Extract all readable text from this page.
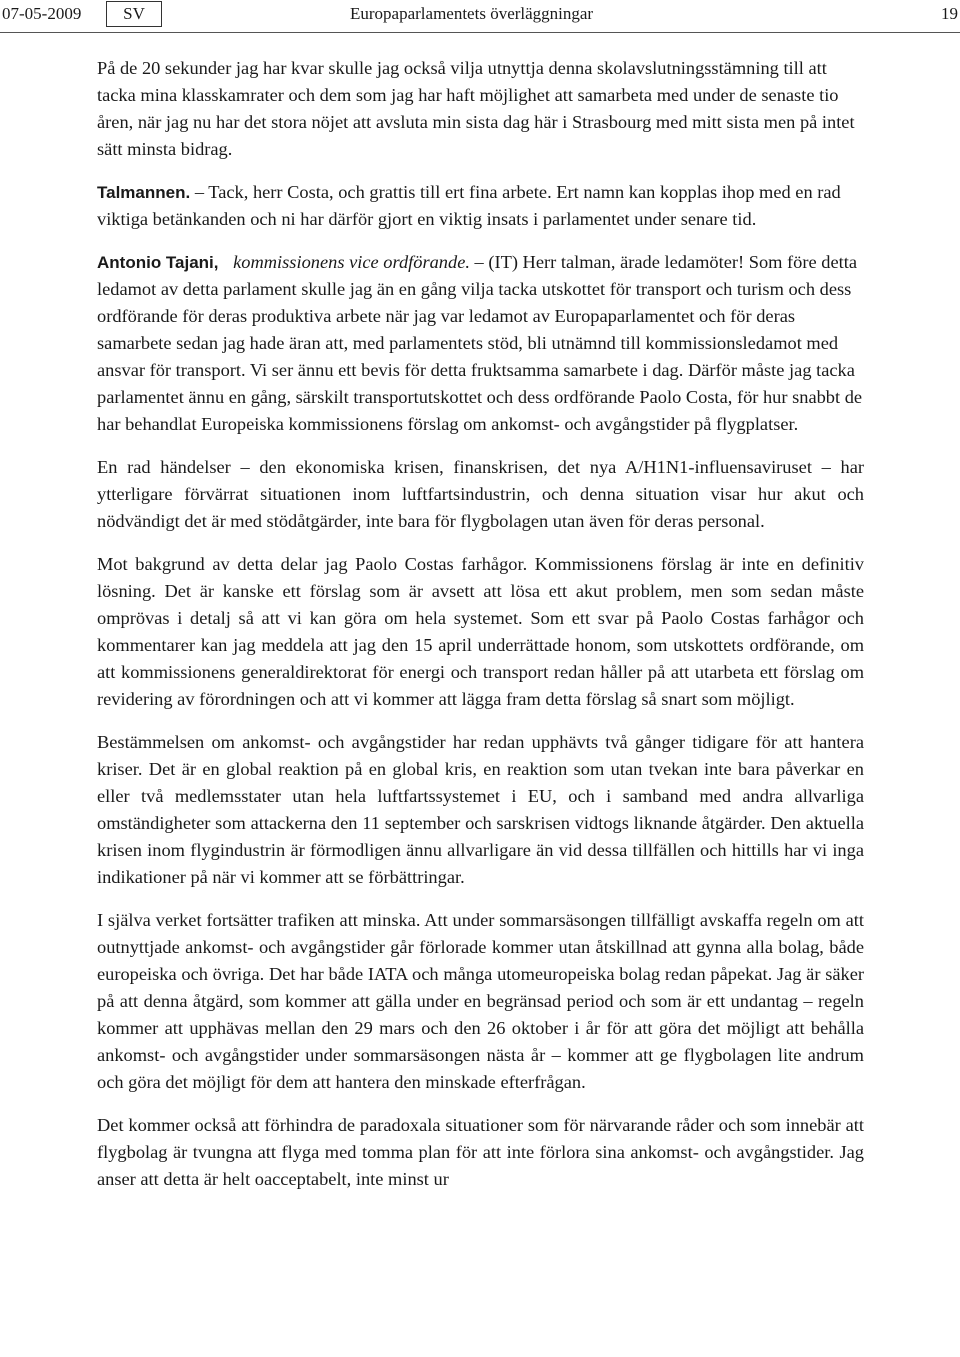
07-05-2009	SV	Europaparlamentets överläggningar	19

På de 20 sekunder jag har kvar skulle jag också vilja utnyttja denna skolavslutningsstämning till att tacka mina klasskamrater och dem som jag har haft möjlighet att samarbeta med under de senaste tio åren, när jag nu har det stora nöjet att avsluta min sista dag här i Strasbourg med mitt sista men på intet sätt minsta bidrag.

Talmannen. – Tack, herr Costa, och grattis till ert fina arbete. Ert namn kan kopplas ihop med en rad viktiga betänkanden och ni har därför gjort en viktig insats i parlamentet under senare tid.

Antonio Tajani, kommissionens vice ordförande. – (IT) Herr talman, ärade ledamöter! Som före detta ledamot av detta parlament skulle jag än en gång vilja tacka utskottet för transport och turism och dess ordförande för deras produktiva arbete när jag var ledamot av Europaparlamentet och för deras samarbete sedan jag hade äran att, med parlamentets stöd, bli utnämnd till kommissionsledamot med ansvar för transport. Vi ser ännu ett bevis för detta fruktsamma samarbete i dag. Därför måste jag tacka parlamentet ännu en gång, särskilt transportutskottet och dess ordförande Paolo Costa, för hur snabbt de har behandlat Europeiska kommissionens förslag om ankomst- och avgångstider på flygplatser.

En rad händelser – den ekonomiska krisen, finanskrisen, det nya A/H1N1-influensaviruset – har ytterligare förvärrat situationen inom luftfartsindustrin, och denna situation visar hur akut och nödvändigt det är med stödåtgärder, inte bara för flygbolagen utan även för deras personal.

Mot bakgrund av detta delar jag Paolo Costas farhågor. Kommissionens förslag är inte en definitiv lösning. Det är kanske ett förslag som är avsett att lösa ett akut problem, men som sedan måste omprövas i detalj så att vi kan göra om hela systemet. Som ett svar på Paolo Costas farhågor och kommentarer kan jag meddela att jag den 15 april underrättade honom, som utskottets ordförande, om att kommissionens generaldirektorat för energi och transport redan håller på att utarbeta ett förslag om revidering av förordningen och att vi kommer att lägga fram detta förslag så snart som möjligt.

Bestämmelsen om ankomst- och avgångstider har redan upphävts två gånger tidigare för att hantera kriser. Det är en global reaktion på en global kris, en reaktion som utan tvekan inte bara påverkar en eller två medlemsstater utan hela luftfartssystemet i EU, och i samband med andra allvarliga omständigheter som attackerna den 11 september och sarskrisen vidtogs liknande åtgärder. Den aktuella krisen inom flygindustrin är förmodligen ännu allvarligare än vid dessa tillfällen och hittills har vi inga indikationer på när vi kommer att se förbättringar.

I själva verket fortsätter trafiken att minska. Att under sommarsäsongen tillfälligt avskaffa regeln om att outnyttjade ankomst- och avgångstider går förlorade kommer utan åtskillnad att gynna alla bolag, både europeiska och övriga. Det har både IATA och många utomeuropeiska bolag redan påpekat. Jag är säker på att denna åtgärd, som kommer att gälla under en begränsad period och som är ett undantag – regeln kommer att upphävas mellan den 29 mars och den 26 oktober i år för att göra det möjligt att behålla ankomst- och avgångstider under sommarsäsongen nästa år – kommer att ge flygbolagen lite andrum och göra det möjligt för dem att hantera den minskade efterfrågan.

Det kommer också att förhindra de paradoxala situationer som för närvarande råder och som innebär att flygbolag är tvungna att flyga med tomma plan för att inte förlora sina ankomst- och avgångstider. Jag anser att detta är helt oacceptabelt, inte minst ur
